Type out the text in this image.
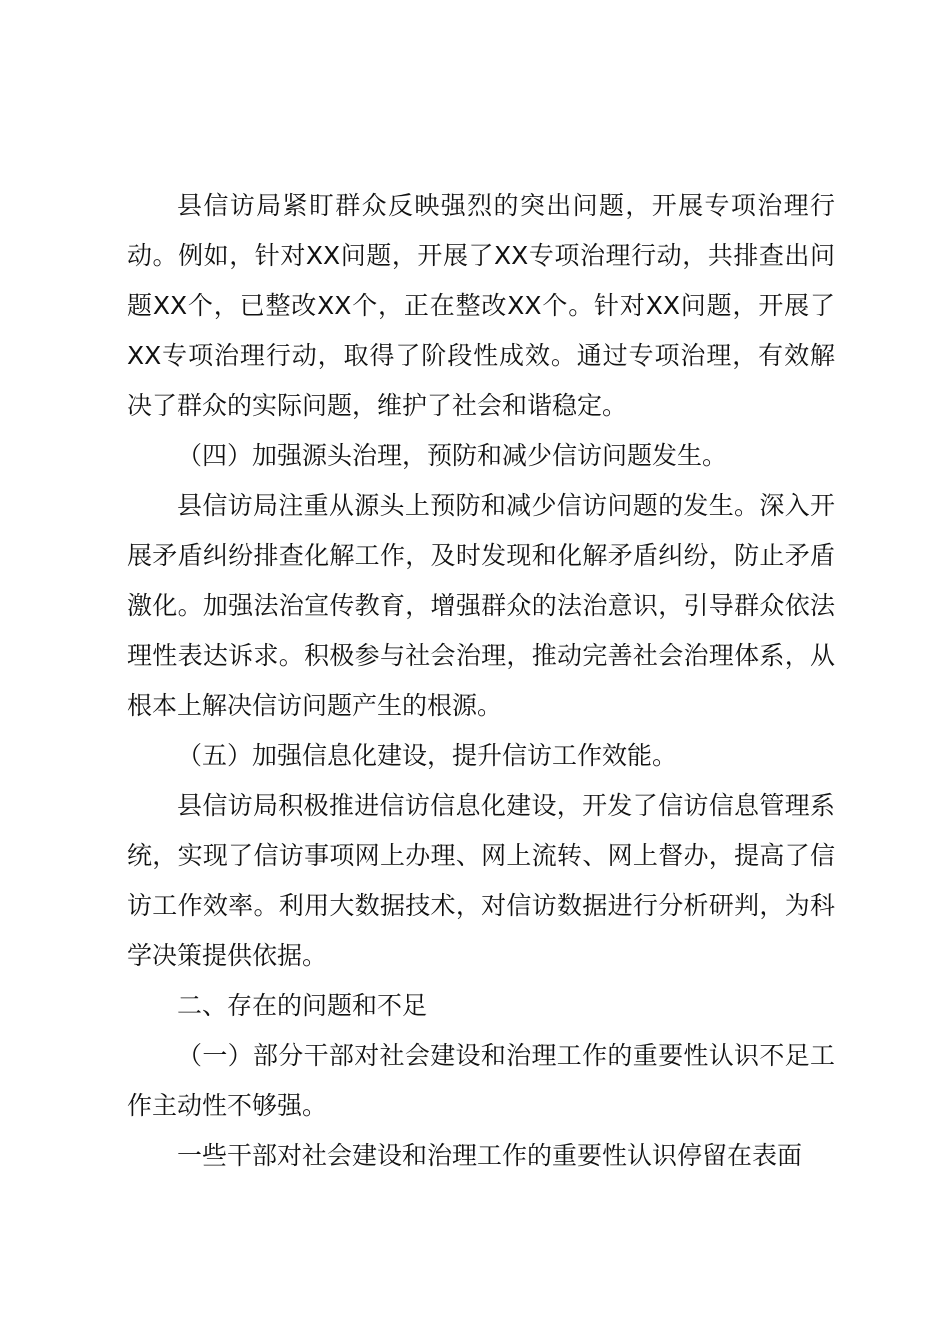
县信访局紧盯群众反映强烈的突出问题，开展专项治理行动。例如，针对XX问题，开展了XX专项治理行动，共排查出问题XX个，已整改XX个，正在整改XX个。针对XX问题，开展了XX专项治理行动，取得了阶段性成效。通过专项治理，有效解决了群众的实际问题，维护了社会和谐稳定。

（四）加强源头治理，预防和减少信访问题发生。

县信访局注重从源头上预防和减少信访问题的发生。深入开展矛盾纠纷排查化解工作，及时发现和化解矛盾纠纷，防止矛盾激化。加强法治宣传教育，增强群众的法治意识，引导群众依法理性表达诉求。积极参与社会治理，推动完善社会治理体系，从根本上解决信访问题产生的根源。

（五）加强信息化建设，提升信访工作效能。

县信访局积极推进信访信息化建设，开发了信访信息管理系统，实现了信访事项网上办理、网上流转、网上督办，提高了信访工作效率。利用大数据技术，对信访数据进行分析研判，为科学决策提供依据。

二、存在的问题和不足

（一）部分干部对社会建设和治理工作的重要性认识不足工作主动性不够强。

一些干部对社会建设和治理工作的重要性认识停留在表面
